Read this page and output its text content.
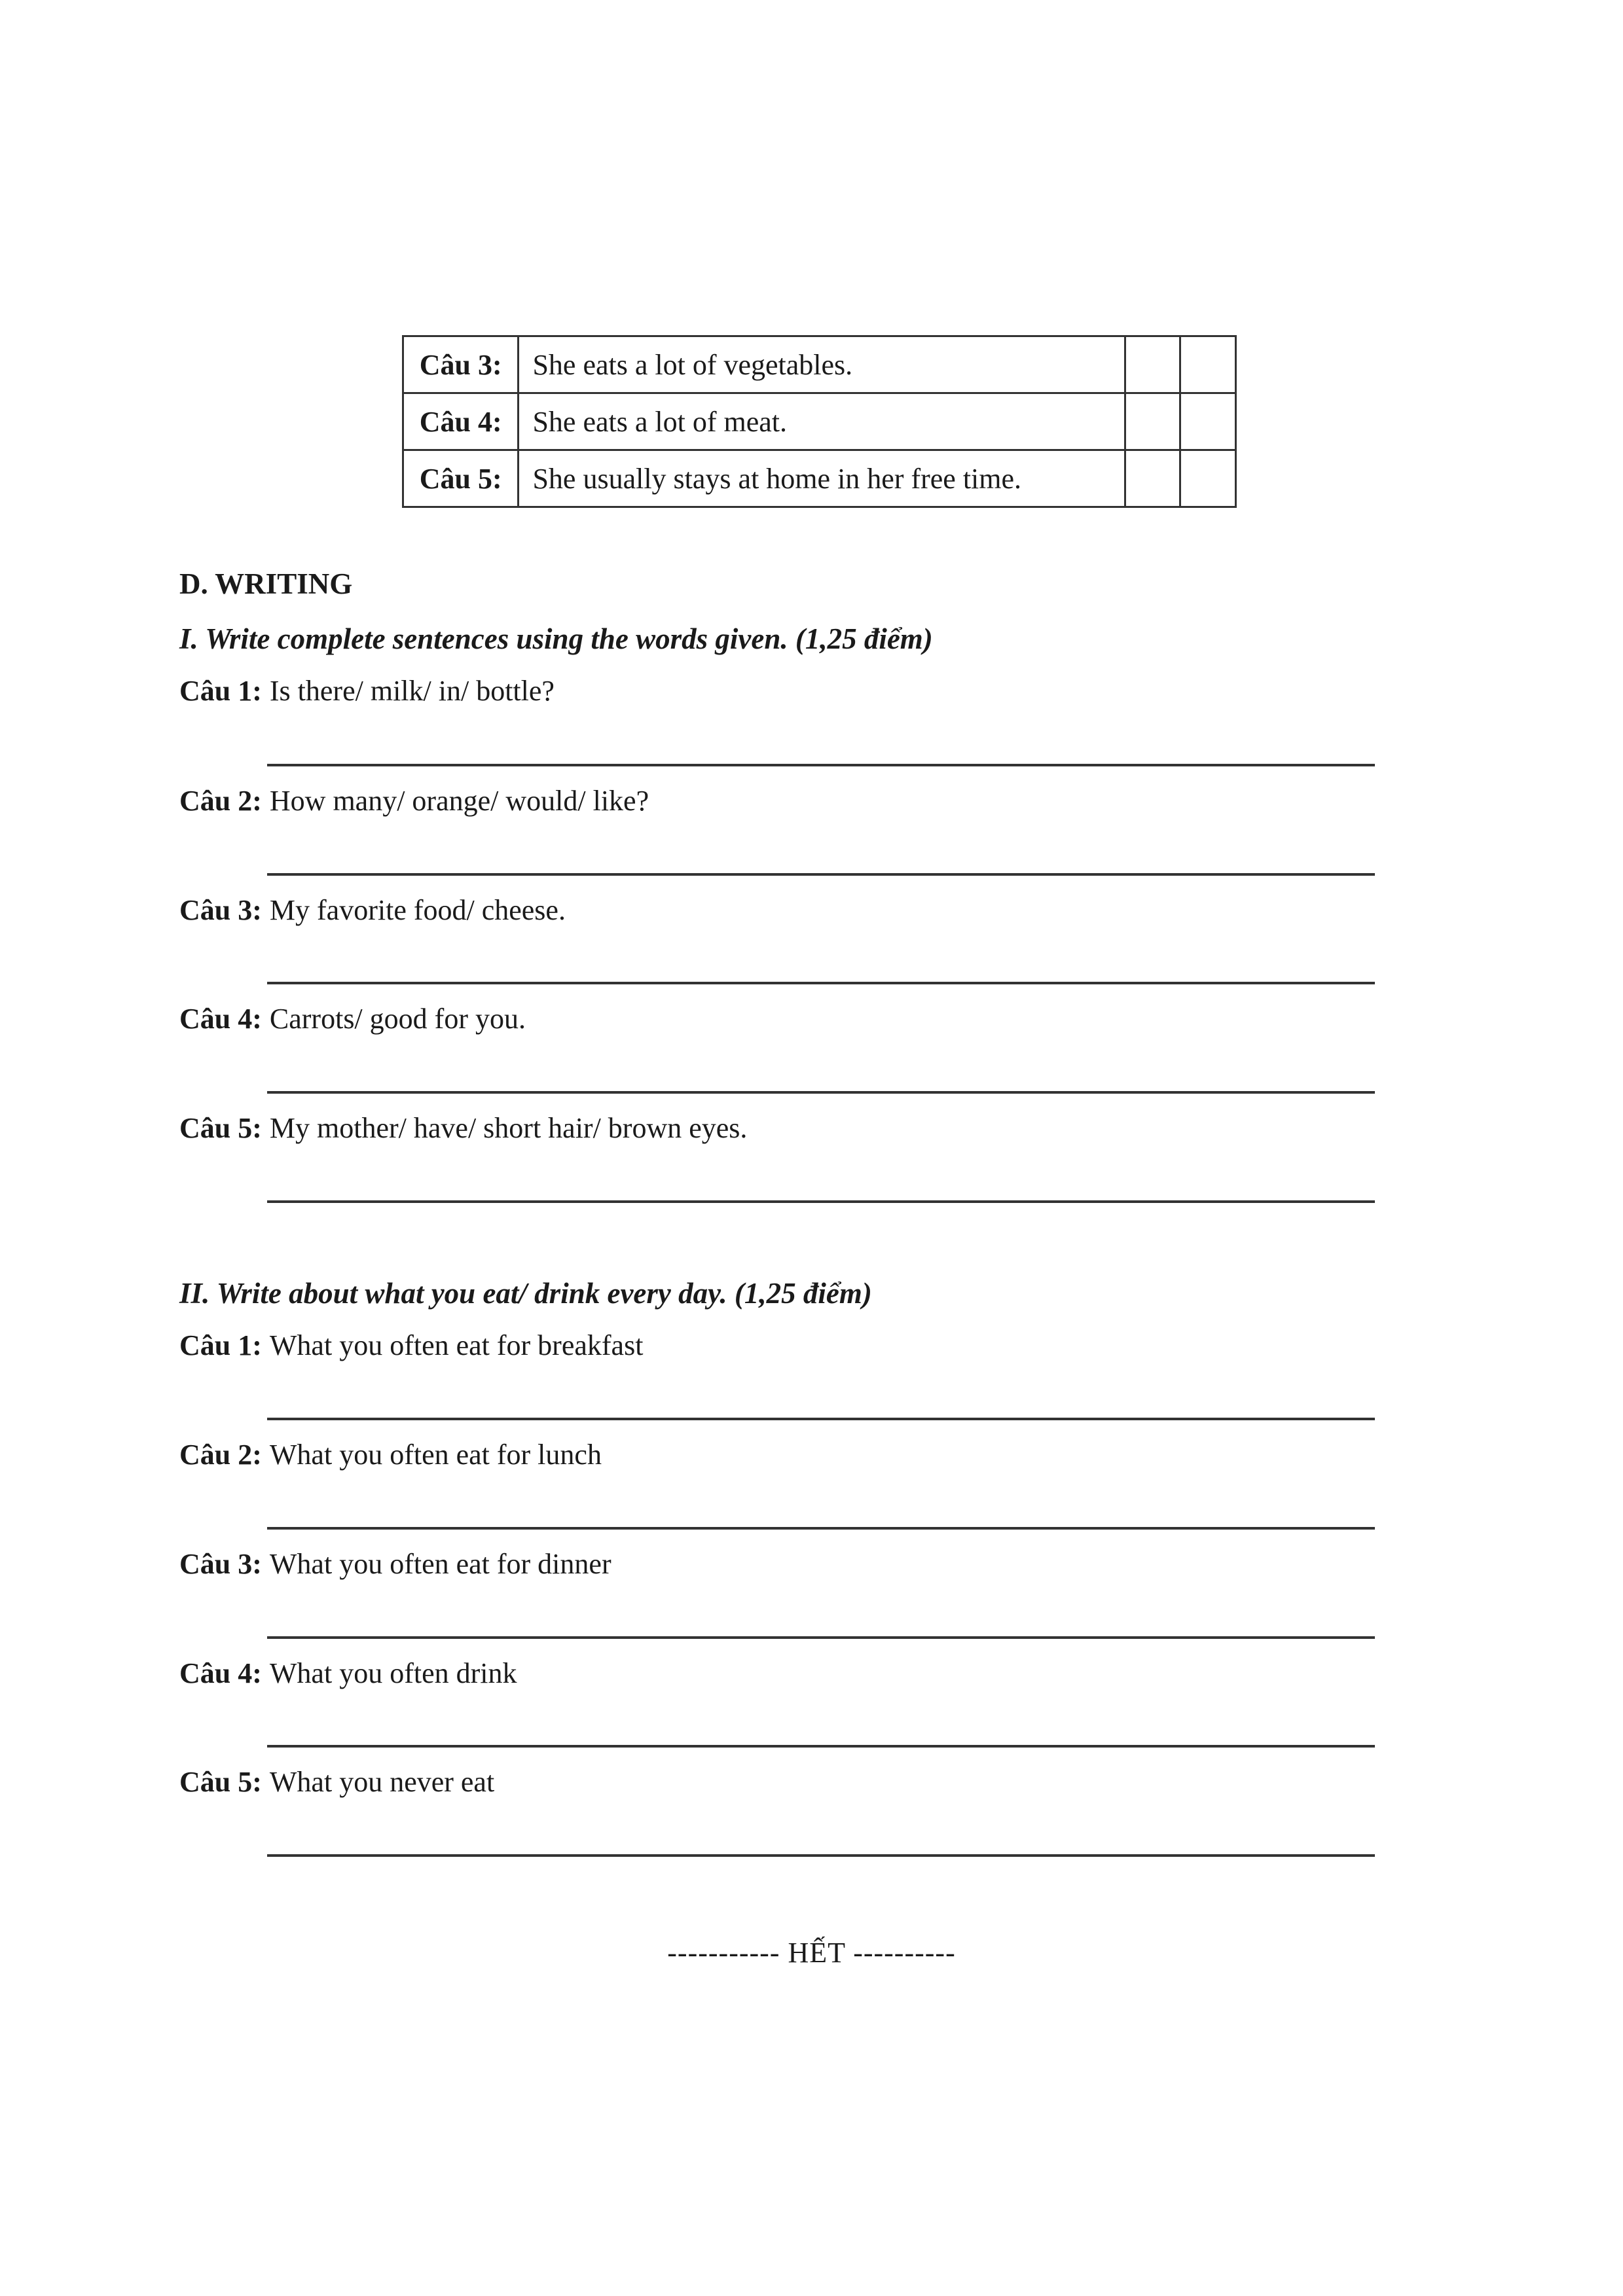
Câu 3:	She eats a lot of vegetables.		
Câu 4:	She eats a lot of meat.		
Câu 5:	She usually stays at home in her free time.		
D. WRITING
I. Write complete sentences using the words given. (1,25 điểm)
Câu 1: Is there/ milk/ in/ bottle?
Câu 2: How many/ orange/ would/ like?
Câu 3: My favorite food/ cheese.
Câu 4: Carrots/ good for you.
Câu 5: My mother/ have/ short hair/ brown eyes.
II. Write about what you eat/ drink every day. (1,25 điểm)
Câu 1: What you often eat for breakfast
Câu 2: What you often eat for lunch
Câu 3: What you often eat for dinner
Câu 4: What you often drink
Câu 5: What you never eat
----------- HẾT ----------
